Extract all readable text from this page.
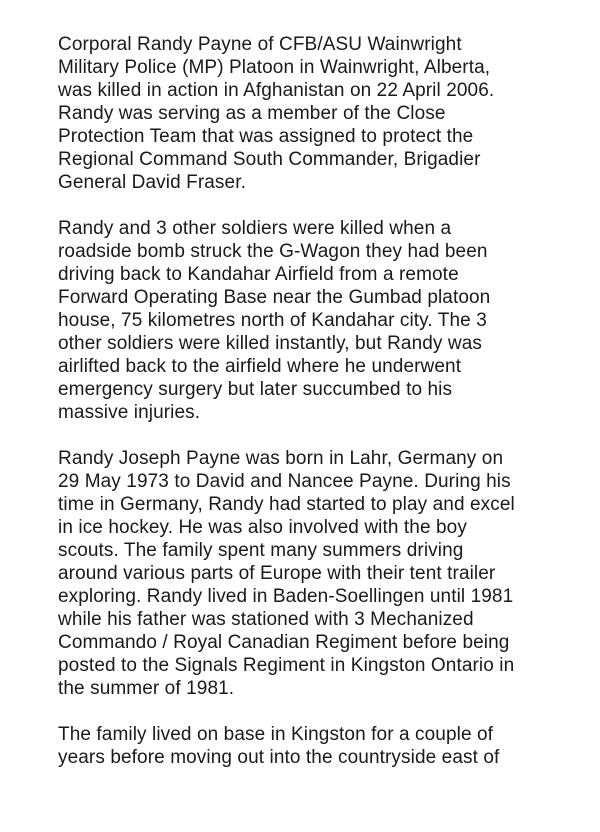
Corporal Randy Payne of CFB/ASU Wainwright
Military Police (MP) Platoon in Wainwright, Alberta,
was killed in action in Afghanistan on 22 April 2006.
Randy was serving as a member of the Close
Protection Team that was assigned to protect the
Regional Command South Commander, Brigadier
General David Fraser.

Randy and 3 other soldiers were killed when a
roadside bomb struck the G-Wagon they had been
driving back to Kandahar Airfield from a remote
Forward Operating Base near the Gumbad platoon
house, 75 kilometres north of Kandahar city. The 3
other soldiers were killed instantly, but Randy was
airlifted back to the airfield where he underwent
emergency surgery but later succumbed to his
massive injuries.

Randy Joseph Payne was born in Lahr, Germany on
29 May 1973 to David and Nancee Payne. During his
time in Germany, Randy had started to play and excel
in ice hockey. He was also involved with the boy
scouts. The family spent many summers driving
around various parts of Europe with their tent trailer
exploring. Randy lived in Baden-Soellingen until 1981
while his father was stationed with 3 Mechanized
Commando / Royal Canadian Regiment before being
posted to the Signals Regiment in Kingston Ontario in
the summer of 1981.

The family lived on base in Kingston for a couple of
years before moving out into the countryside east of
